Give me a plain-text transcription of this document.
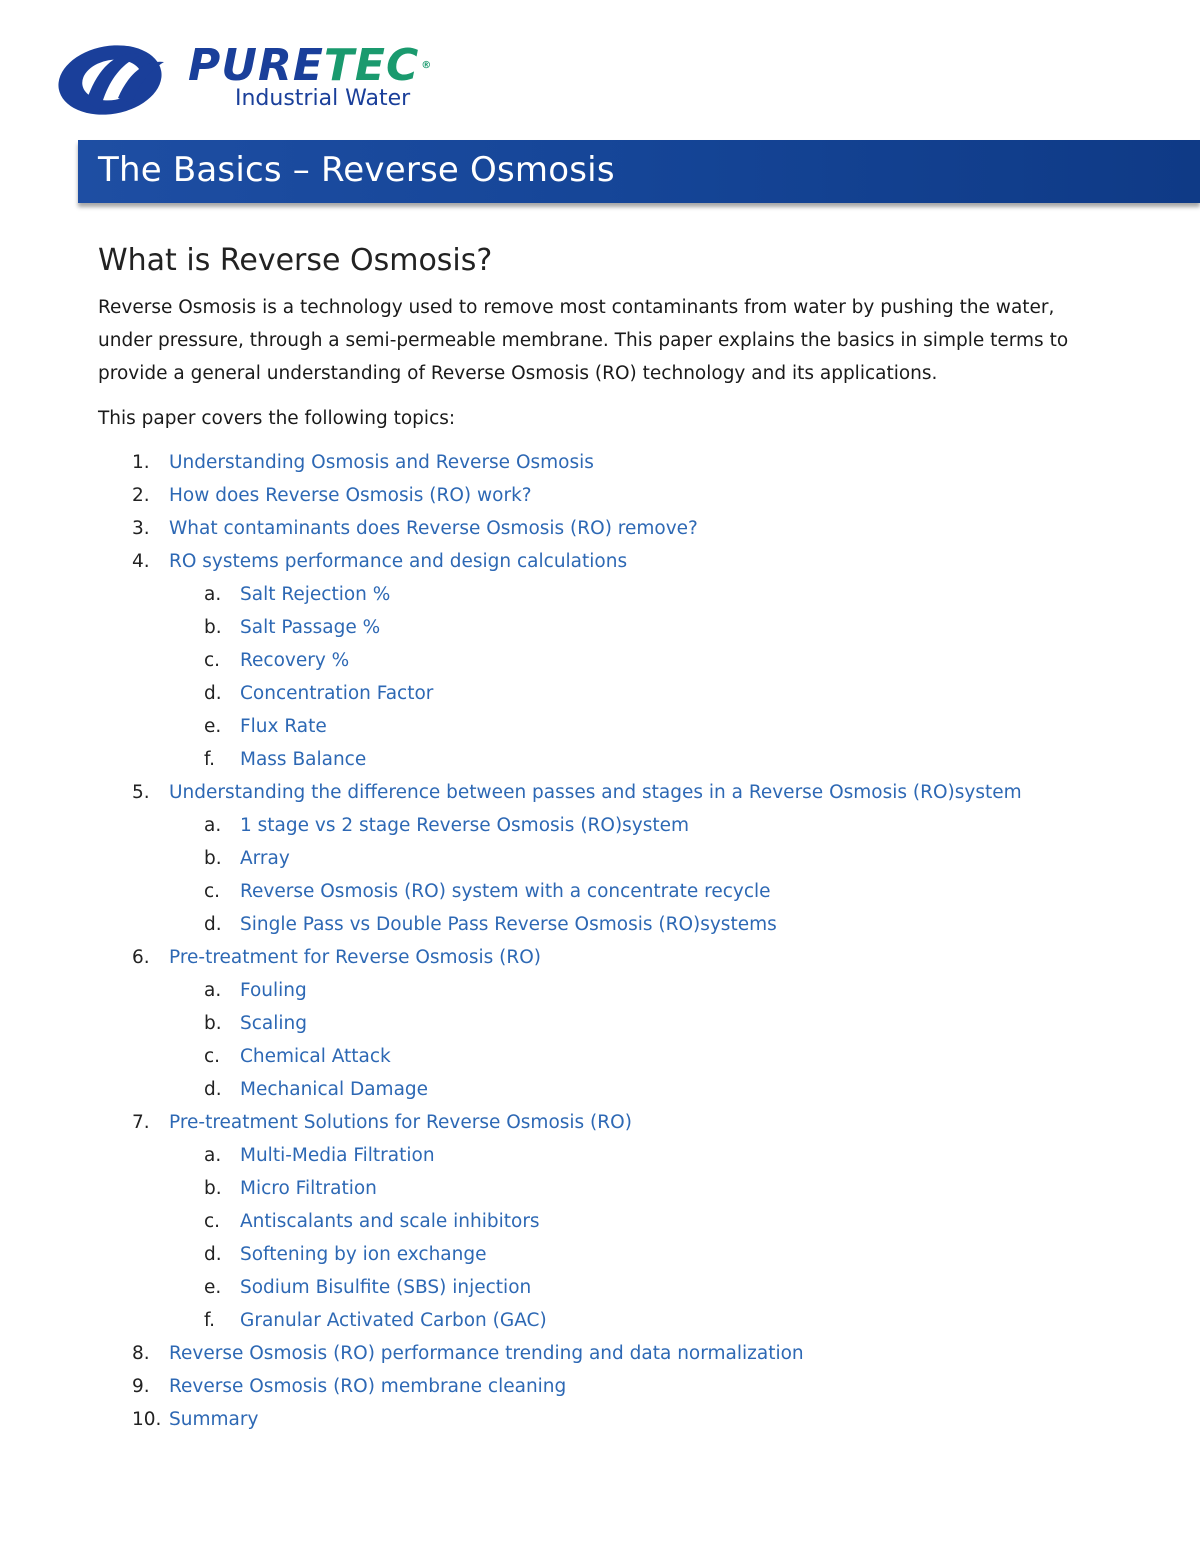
PURETEC ®
Industrial Water
The Basics – Reverse Osmosis
What is Reverse Osmosis?

Reverse Osmosis is a technology used to remove most contaminants from water by pushing the water, under pressure, through a semi-permeable membrane. This paper explains the basics in simple terms to provide a general understanding of Reverse Osmosis (RO) technology and its applications.

This paper covers the following topics:

1. Understanding Osmosis and Reverse Osmosis
2. How does Reverse Osmosis (RO) work?
3. What contaminants does Reverse Osmosis (RO) remove?
4. RO systems performance and design calculations
a. Salt Rejection %
b. Salt Passage %
c. Recovery %
d. Concentration Factor
e. Flux Rate
f. Mass Balance
5. Understanding the difference between passes and stages in a Reverse Osmosis (RO)system
a. 1 stage vs 2 stage Reverse Osmosis (RO)system
b. Array
c. Reverse Osmosis (RO) system with a concentrate recycle
d. Single Pass vs Double Pass Reverse Osmosis (RO)systems
6. Pre-treatment for Reverse Osmosis (RO)
a. Fouling
b. Scaling
c. Chemical Attack
d. Mechanical Damage
7. Pre-treatment Solutions for Reverse Osmosis (RO)
a. Multi-Media Filtration
b. Micro Filtration
c. Antiscalants and scale inhibitors
d. Softening by ion exchange
e. Sodium Bisulfite (SBS) injection
f. Granular Activated Carbon (GAC)
8. Reverse Osmosis (RO) performance trending and data normalization
9. Reverse Osmosis (RO) membrane cleaning
10. Summary
